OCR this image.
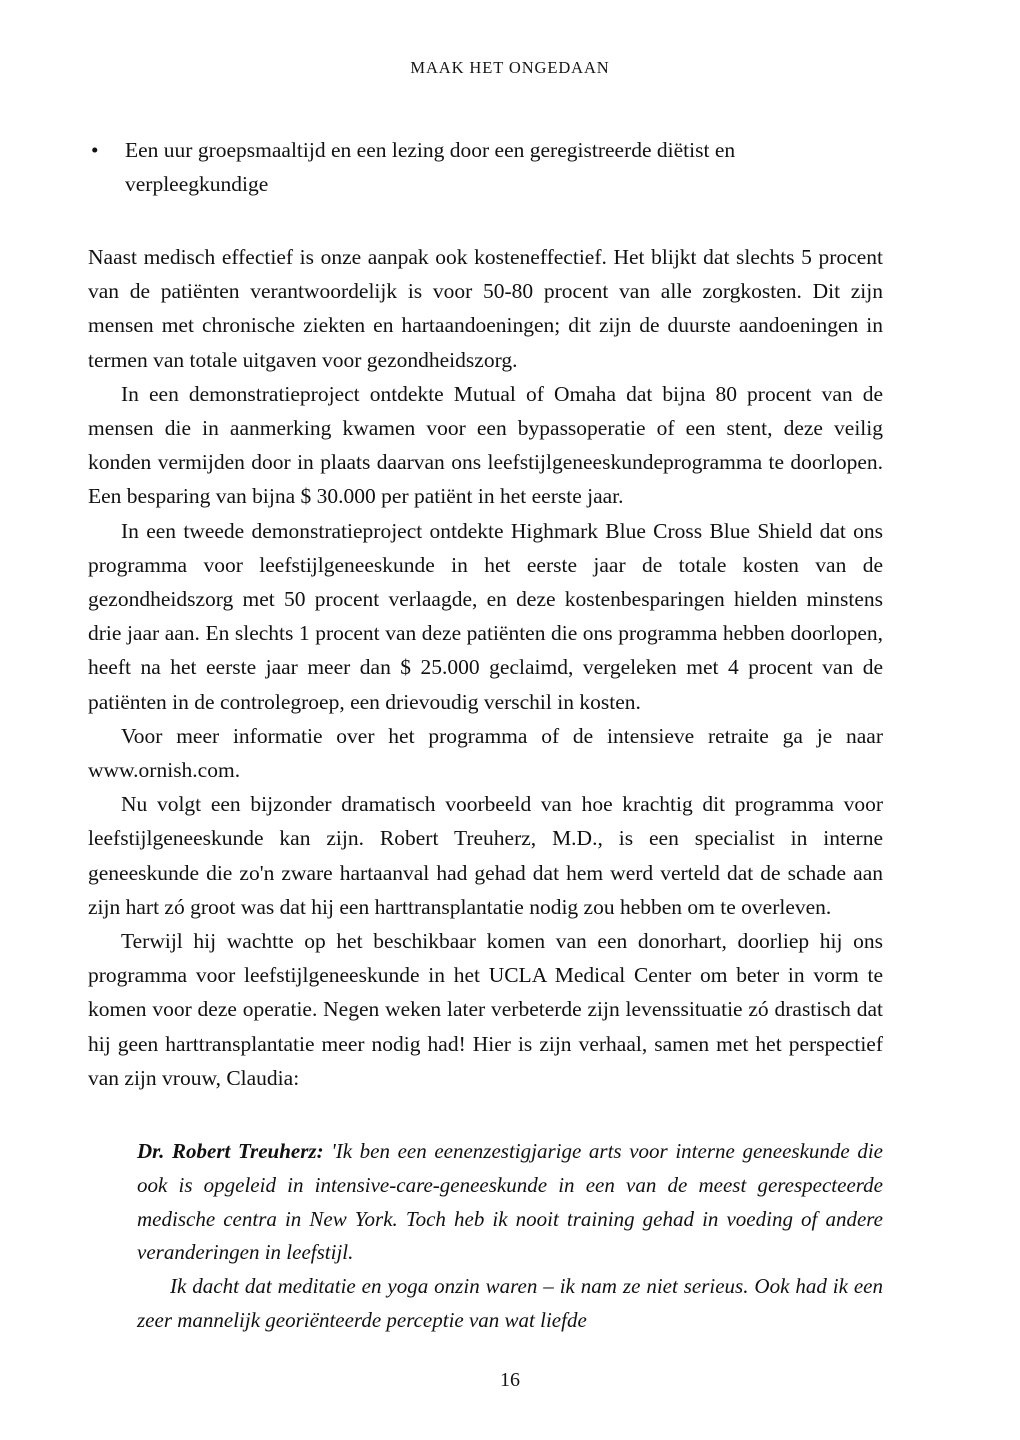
MAAK HET ONGEDAAN
• Een uur groepsmaaltijd en een lezing door een geregistreerde diëtist en verpleegkundige

Naast medisch effectief is onze aanpak ook kosteneffectief. Het blijkt dat slechts 5 procent van de patiënten verantwoordelijk is voor 50-80 procent van alle zorgkosten. Dit zijn mensen met chronische ziekten en hartaandoeningen; dit zijn de duurste aandoeningen in termen van totale uitgaven voor gezondheidszorg.

In een demonstratieproject ontdekte Mutual of Omaha dat bijna 80 procent van de mensen die in aanmerking kwamen voor een bypassoperatie of een stent, deze veilig konden vermijden door in plaats daarvan ons leefstijlgeneeskundeprogramma te doorlopen. Een besparing van bijna $ 30.000 per patiënt in het eerste jaar.

In een tweede demonstratieproject ontdekte Highmark Blue Cross Blue Shield dat ons programma voor leefstijlgeneeskunde in het eerste jaar de totale kosten van de gezondheidszorg met 50 procent verlaagde, en deze kostenbesparingen hielden minstens drie jaar aan. En slechts 1 procent van deze patiënten die ons programma hebben doorlopen, heeft na het eerste jaar meer dan $ 25.000 geclaimd, vergeleken met 4 procent van de patiënten in de controlegroep, een drievoudig verschil in kosten.

Voor meer informatie over het programma of de intensieve retraite ga je naar www.ornish.com.

Nu volgt een bijzonder dramatisch voorbeeld van hoe krachtig dit programma voor leefstijlgeneeskunde kan zijn. Robert Treuherz, M.D., is een specialist in interne geneeskunde die zo'n zware hartaanval had gehad dat hem werd verteld dat de schade aan zijn hart zó groot was dat hij een harttransplantatie nodig zou hebben om te overleven.

Terwijl hij wachtte op het beschikbaar komen van een donorhart, doorliep hij ons programma voor leefstijlgeneeskunde in het UCLA Medical Center om beter in vorm te komen voor deze operatie. Negen weken later verbeterde zijn levenssituatie zó drastisch dat hij geen harttransplantatie meer nodig had! Hier is zijn verhaal, samen met het perspectief van zijn vrouw, Claudia:

Dr. Robert Treuherz: 'Ik ben een eenenzestigjarige arts voor interne geneeskunde die ook is opgeleid in intensive-care-geneeskunde in een van de meest gerespecteerde medische centra in New York. Toch heb ik nooit training gehad in voeding of andere veranderingen in leefstijl.

Ik dacht dat meditatie en yoga onzin waren – ik nam ze niet serieus. Ook had ik een zeer mannelijk georiënteerde perceptie van wat liefde

16
